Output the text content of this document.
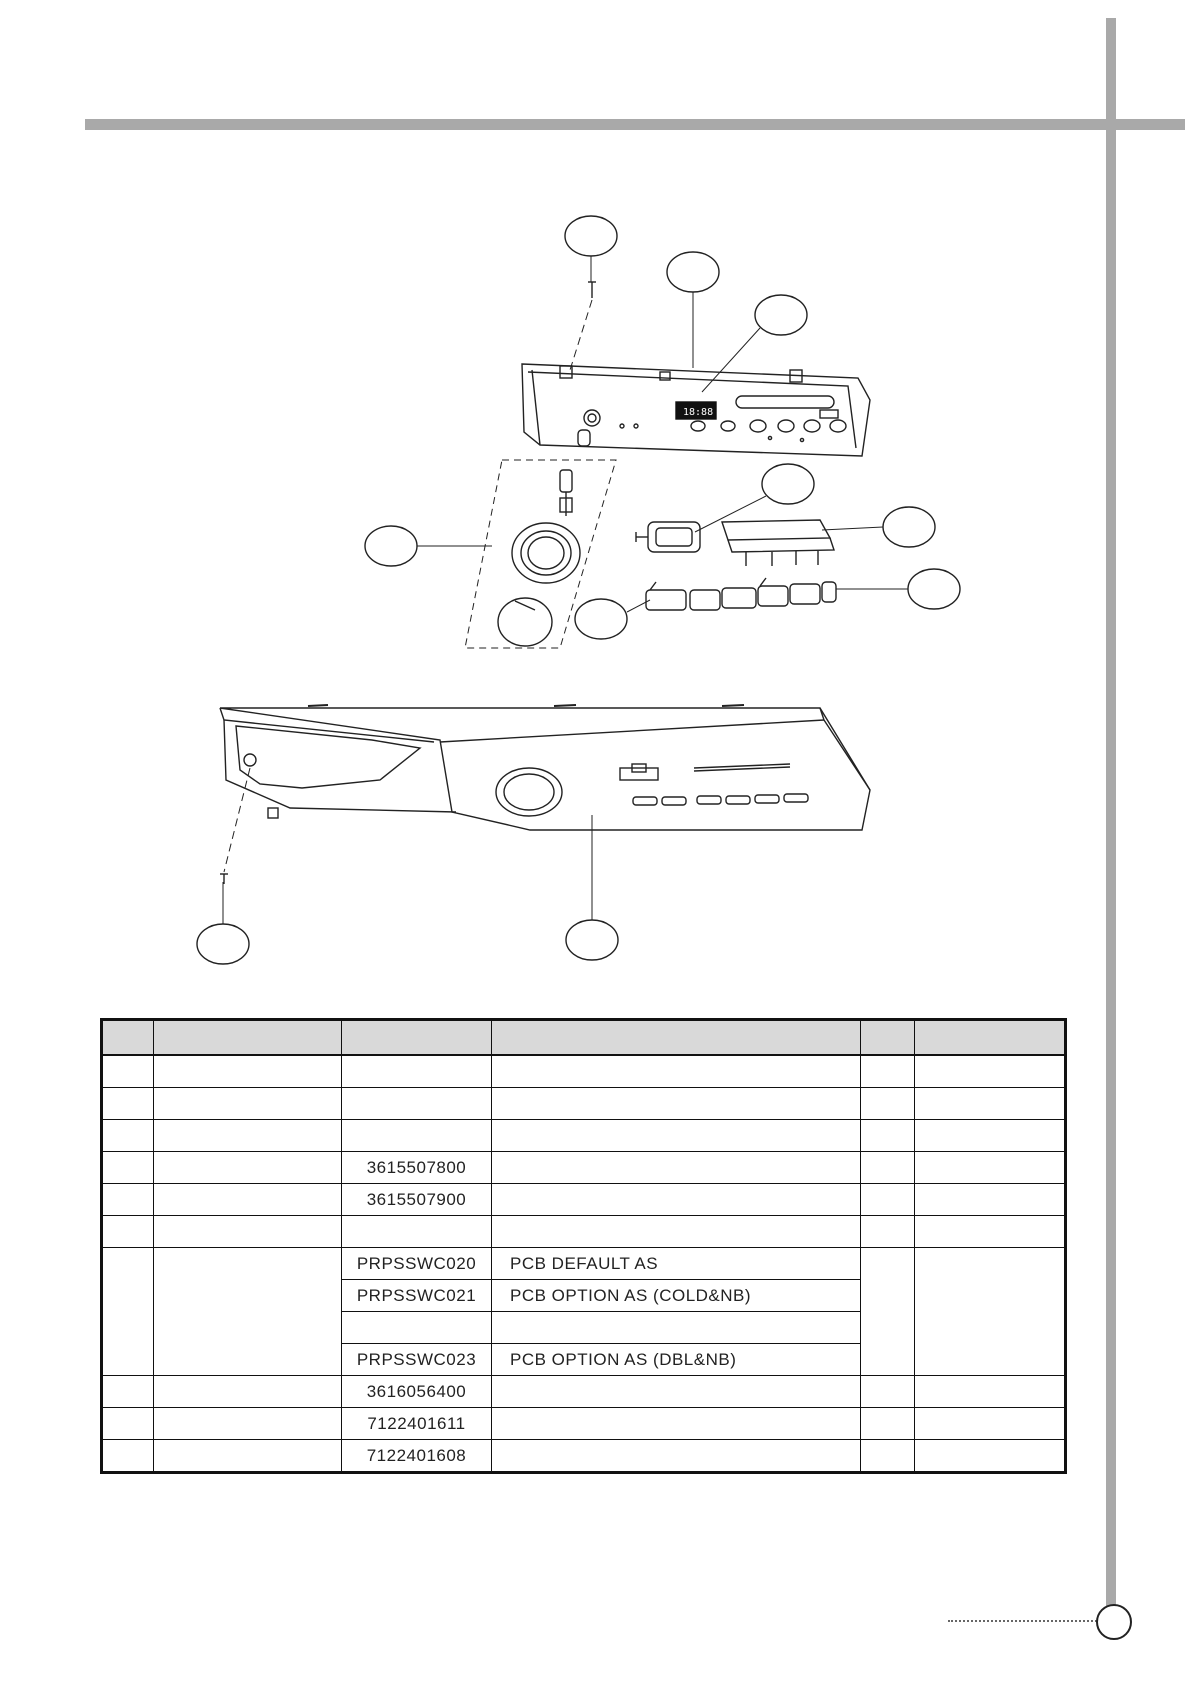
18:88

		3615507800			
		3615507900			

		PRPSSWC020	PCB DEFAULT AS		
		PRPSSWC021	PCB OPTION AS (COLD&NB)		

		PRPSSWC023	PCB OPTION AS (DBL&NB)		
		3616056400			
		7122401611			
		7122401608			
